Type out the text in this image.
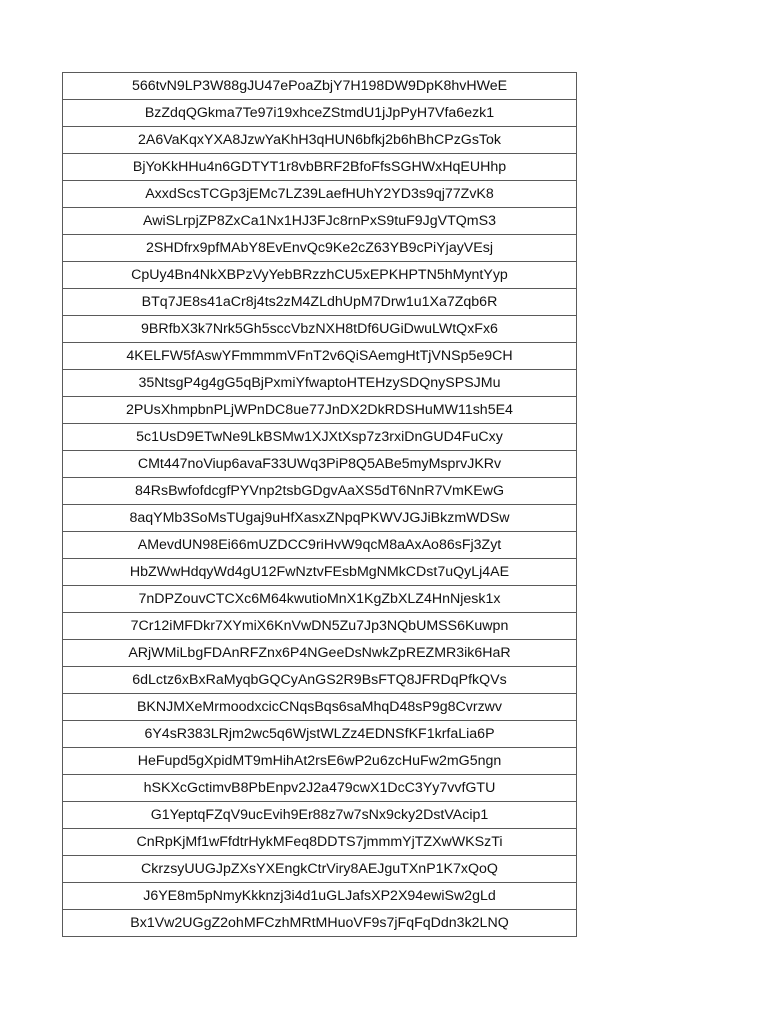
566tvN9LP3W88gJU47ePoaZbjY7H198DW9DpK8hvHWeE
BzZdqQGkma7Te97i19xhceZStmdU1jJpPyH7Vfa6ezk1
2A6VaKqxYXA8JzwYaKhH3qHUN6bfkj2b6hBhCPzGsTok
BjYoKkHHu4n6GDTYT1r8vbBRF2BfoFfsSGHWxHqEUHhp
AxxdScsTCGp3jEMc7LZ39LaefHUhY2YD3s9qj77ZvK8
AwiSLrpjZP8ZxCa1Nx1HJ3FJc8rnPxS9tuF9JgVTQmS3
2SHDfrx9pfMAbY8EvEnvQc9Ke2cZ63YB9cPiYjayVEsj
CpUy4Bn4NkXBPzVyYebBRzzhCU5xEPKHPTN5hMyntYyp
BTq7JE8s41aCr8j4ts2zM4ZLdhUpM7Drw1u1Xa7Zqb6R
9BRfbX3k7Nrk5Gh5sccVbzNXH8tDf6UGiDwuLWtQxFx6
4KELFW5fAswYFmmmmVFnT2v6QiSAemgHtTjVNSp5e9CH
35NtsgP4g4gG5qBjPxmiYfwaptoHTEHzySDQnySPSJMu
2PUsXhmpbnPLjWPnDC8ue77JnDX2DkRDSHuMW11sh5E4
5c1UsD9ETwNe9LkBSMw1XJXtXsp7z3rxiDnGUD4FuCxy
CMt447noViup6avaF33UWq3PiP8Q5ABe5myMsprvJKRv
84RsBwfofdcgfPYVnp2tsbGDgvAaXS5dT6NnR7VmKEwG
8aqYMb3SoMsTUgaj9uHfXasxZNpqPKWVJGJiBkzmWDSw
AMevdUN98Ei66mUZDCC9riHvW9qcM8aAxAo86sFj3Zyt
HbZWwHdqyWd4gU12FwNztvFEsbMgNMkCDst7uQyLj4AE
7nDPZouvCTCXc6M64kwutioMnX1KgZbXLZ4HnNjesk1x
7Cr12iMFDkr7XYmiX6KnVwDN5Zu7Jp3NQbUMSS6Kuwpn
ARjWMiLbgFDAnRFZnx6P4NGeeDsNwkZpREZMR3ik6HaR
6dLctz6xBxRaMyqbGQCyAnGS2R9BsFTQ8JFRDqPfkQVs
BKNJMXeMrmoodxcicCNqsBqs6saMhqD48sP9g8Cvrzwv
6Y4sR383LRjm2wc5q6WjstWLZz4EDNSfKF1krfaLia6P
HeFupd5gXpidMT9mHihAt2rsE6wP2u6zcHuFw2mG5ngn
hSKXcGctimvB8PbEnpv2J2a479cwX1DcC3Yy7vvfGTU
G1YeptqFZqV9ucEvih9Er88z7w7sNx9cky2DstVAcip1
CnRpKjMf1wFfdtrHykMFeq8DDTS7jmmmYjTZXwWKSzTi
CkrzsyUUGJpZXsYXEngkCtrViry8AEJguTXnP1K7xQoQ
J6YE8m5pNmyKkknzj3i4d1uGLJafsXP2X94ewiSw2gLd
Bx1Vw2UGgZ2ohMFCzhMRtMHuoVF9s7jFqFqDdn3k2LNQ
